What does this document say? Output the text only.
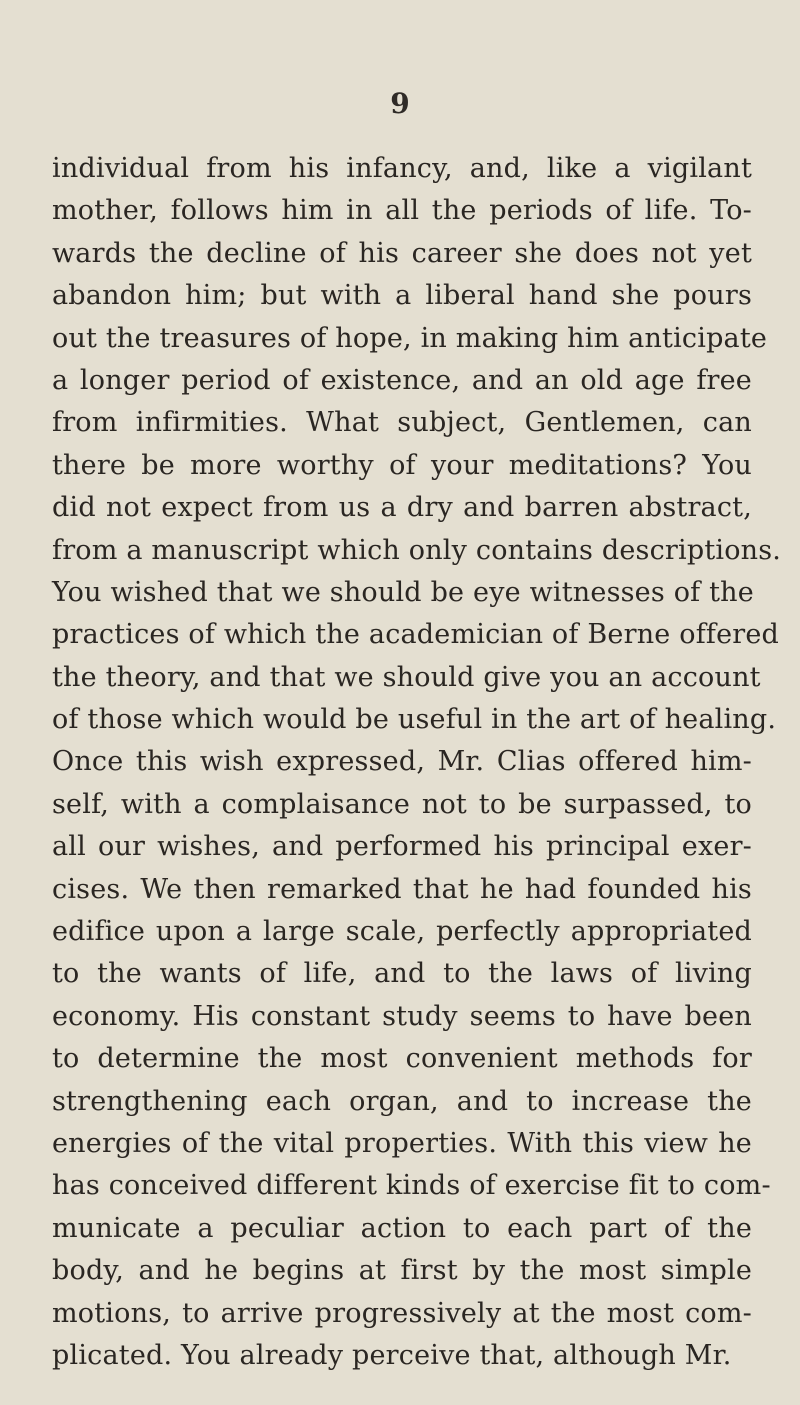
9
individual from his infancy, and, like a vigilant
mother, follows him in all the periods of life. To-
wards the decline of his career she does not yet
abandon him; but with a liberal hand she pours
out the treasures of hope, in making him anticipate
a longer period of existence, and an old age free
from infirmities. What subject, Gentlemen, can
there be more worthy of your meditations? You
did not expect from us a dry and barren abstract,
from a manuscript which only contains descriptions.
You wished that we should be eye witnesses of the
practices of which the academician of Berne offered
the theory, and that we should give you an account
of those which would be useful in the art of healing.
Once this wish expressed, Mr. Clias offered him-
self, with a complaisance not to be surpassed, to
all our wishes, and performed his principal exer-
cises. We then remarked that he had founded his
edifice upon a large scale, perfectly appropriated
to the wants of life, and to the laws of living
economy. His constant study seems to have been
to determine the most convenient methods for
strengthening each organ, and to increase the
energies of the vital properties. With this view he
has conceived different kinds of exercise fit to com-
municate a peculiar action to each part of the
body, and he begins at first by the most simple
motions, to arrive progressively at the most com-
plicated. You already perceive that, although Mr.
